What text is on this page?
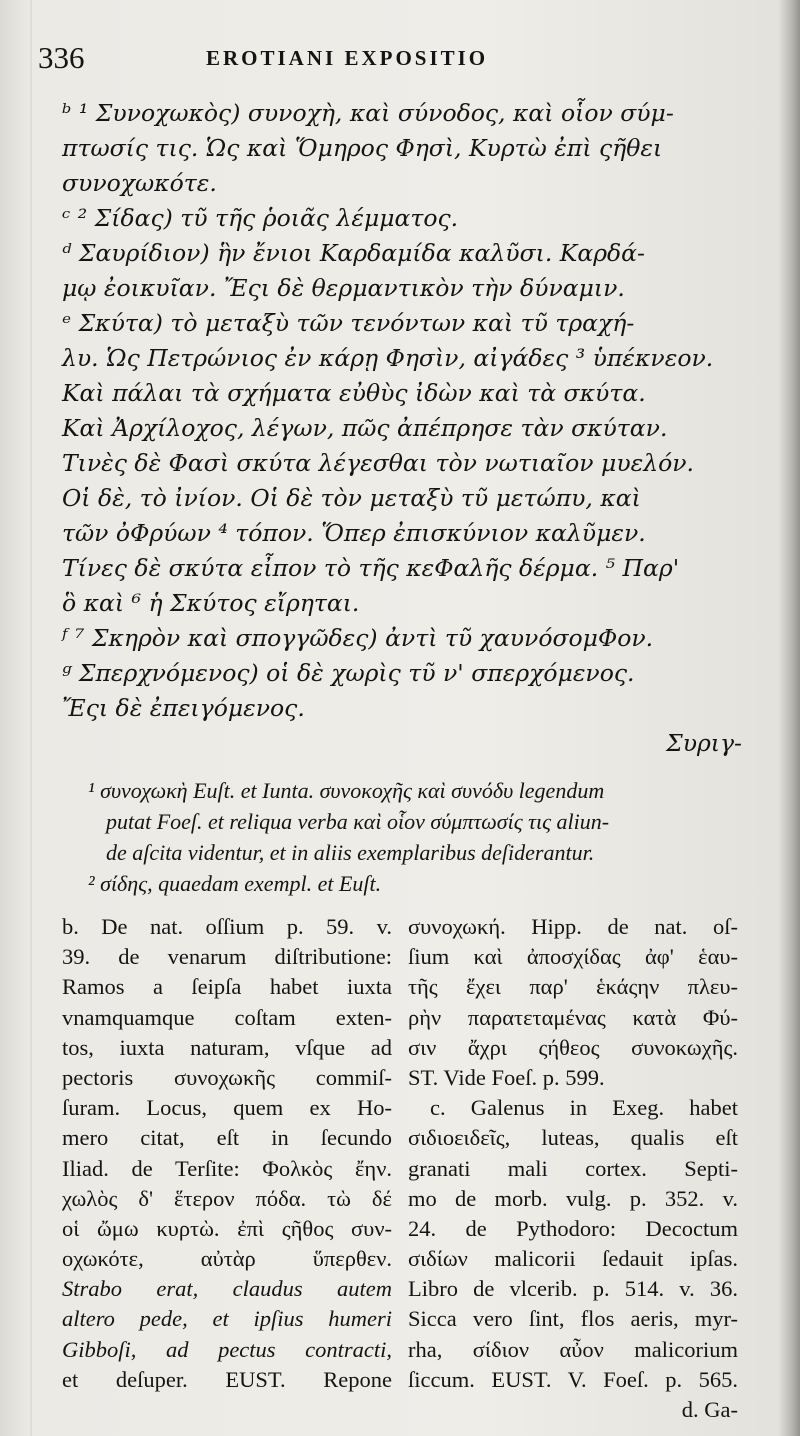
336	EROTIANI EXPOSITIO
ᵇ ¹ Συνοχωκὸς) συνοχὴ, καὶ σύνοδος, καὶ οἷον σύμ-
πτωσίς τις. Ὡς καὶ Ὅμηρος Φησὶ, Κυρτὼ ἐπὶ ςῆθει
συνοχωκότε.
ᶜ ² Σίδας) τῦ τῆς ῥοιᾶς λέμματος.
ᵈ Σαυρίδιον) ἣν ἔνιοι Καρδαμίδα καλῦσι. Καρδά-
μῳ ἐοικυῖαν. Ἔςι δὲ θερμαντικὸν τὴν δύναμιν.
ᵉ Σκύτα) τὸ μεταξὺ τῶν τενόντων καὶ τῦ τραχή-
λυ. Ὡς Πετρώνιος ἐν κάρῃ Φησὶν, αἰγάδες ³ ὑπέκνεον.
Καὶ πάλαι τὰ σχήματα εὐθὺς ἰδὼν καὶ τὰ σκύτα.
Καὶ Ἀρχίλοχος, λέγων, πῶς ἀπέπρησε τὰν σκύταν.
Τινὲς δὲ Φασὶ σκύτα λέγεσθαι τὸν νωτιαῖον μυελόν.
Οἱ δὲ, τὸ ἰνίον. Οἱ δὲ τὸν μεταξὺ τῦ μετώπυ, καὶ
τῶν ὀΦρύων ⁴ τόπον. Ὅπερ ἐπισκύνιον καλῦμεν.
Τίνες δὲ σκύτα εἶπον τὸ τῆς κεΦαλῆς δέρμα. ⁵ Παρ'
ὃ καὶ ⁶ ἡ Σκύτος εἴρηται.
ᶠ ⁷ Σκηρὸν καὶ σπογγῶδες) ἀντὶ τῦ χαυνόσομΦον.
ᵍ Σπερχνόμενος) οἱ δὲ χωρὶς τῦ ν' σπερχόμενος.
Ἔςι δὲ ἐπειγόμενος.
Συριγ-
¹ συνοχωκὴ Euſt. et Iunta. συνοκοχῆς καὶ συνόδυ legendum
putat Foeſ. et reliqua verba καὶ οἷον σύμπτωσίς τις aliun-
de aſcita videntur, et in aliis exemplaribus deſiderantur.
² σίδης, quaedam exempl. et Euſt.
b. De nat. oſſium p. 59. v.
39. de venarum diſtributione:
Ramos a ſeipſa habet iuxta
vnamquamque coſtam exten-
tos, iuxta naturam, vſque ad
pectoris συνοχωκῆς commiſ-
ſuram. Locus, quem ex Ho-
mero citat, eſt in ſecundo
Iliad. de Terſite: Φολκὸς ἔην.
χωλὸς δ' ἕτερον πόδα. τὼ δέ
οἱ ὤμω κυρτὼ. ἐπὶ ςῆθος συν-
οχωκότε, αὐτὰρ ὕπερθεν.
Strabo erat, claudus autem
altero pede, et ipſius humeri
Gibboſi, ad pectus contracti,
et deſuper. EUST. Repone
συνοχωκή. Hipp. de nat. oſ-
ſium καὶ ἀποσχίδας ἀφ' ἑαυ-
τῆς ἔχει παρ' ἑκάςην πλευ-
ρὴν παρατεταμένας κατὰ Φύ-
σιν ἄχρι ςήθεος συνοκωχῆς.
ST. Vide Foeſ. p. 599.
c. Galenus in Exeg. habet
σιδιοειδεῖς, luteas, qualis eſt
granati mali cortex. Septi-
mo de morb. vulg. p. 352. v.
24. de Pythodoro: Decoctum
σιδίων malicorii ſedauit ipſas.
Libro de vlcerib. p. 514. v. 36.
Sicca vero ſint, flos aeris, myr-
rha, σίδιον αὖον malicorium
ſiccum. EUST. V. Foeſ. p. 565.
d. Ga-
